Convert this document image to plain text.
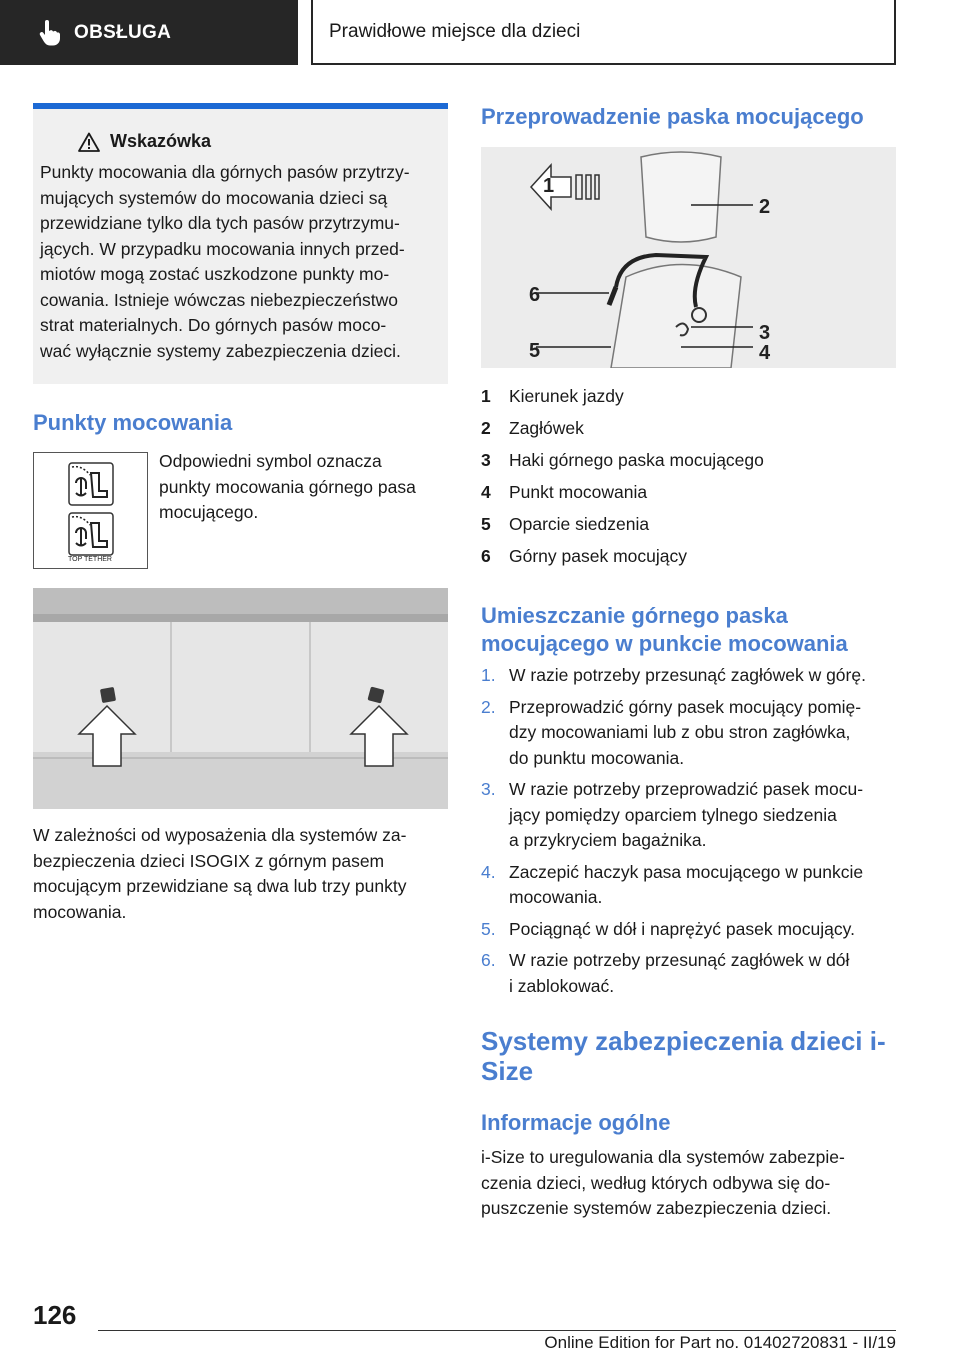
OBSŁUGA	Prawidłowe miejsce dla dzieci
Wskazówka
Punkty mocowania dla górnych pasów przytrzy-
mujących systemów do mocowania dzieci są
przewidziane tylko dla tych pasów przytrzymu-
jących. W przypadku mocowania innych przed-
miotów mogą zostać uszkodzone punkty mo-
cowania. Istnieje wówczas niebezpieczeństwo
strat materialnych. Do górnych pasów moco-
wać wyłącznie systemy zabezpieczenia dzieci.
Punkty mocowania
TOP TETHER
Odpowiedni symbol oznacza
punkty mocowania górnego pasa
mocującego.
W zależności od wyposażenia dla systemów za-
bezpieczenia dzieci ISOGIX z górnym pasem
mocującym przewidziane są dwa lub trzy punkty
mocowania.
Przeprowadzenie paska mocującego
1
2
3
4
5
6
1	Kierunek jazdy
2	Zagłówek
3	Haki górnego paska mocującego
4	Punkt mocowania
5	Oparcie siedzenia
6	Górny pasek mocujący
Umieszczanie górnego paska
mocującego w punkcie mocowania
1. W razie potrzeby przesunąć zagłówek w górę.
2. Przeprowadzić górny pasek mocujący pomię-
dzy mocowaniami lub z obu stron zagłówka,
do punktu mocowania.
3. W razie potrzeby przeprowadzić pasek mocu-
jący pomiędzy oparciem tylnego siedzenia
a przykryciem bagażnika.
4. Zaczepić haczyk pasa mocującego w punkcie
mocowania.
5. Pociągnąć w dół i naprężyć pasek mocujący.
6. W razie potrzeby przesunąć zagłówek w dół
i zablokować.
Systemy zabezpieczenia dzieci i-
Size
Informacje ogólne
i-Size to uregulowania dla systemów zabezpie-
czenia dzieci, według których odbywa się do-
puszczenie systemów zabezpieczenia dzieci.
126
Online Edition for Part no. 01402720831 - II/19
